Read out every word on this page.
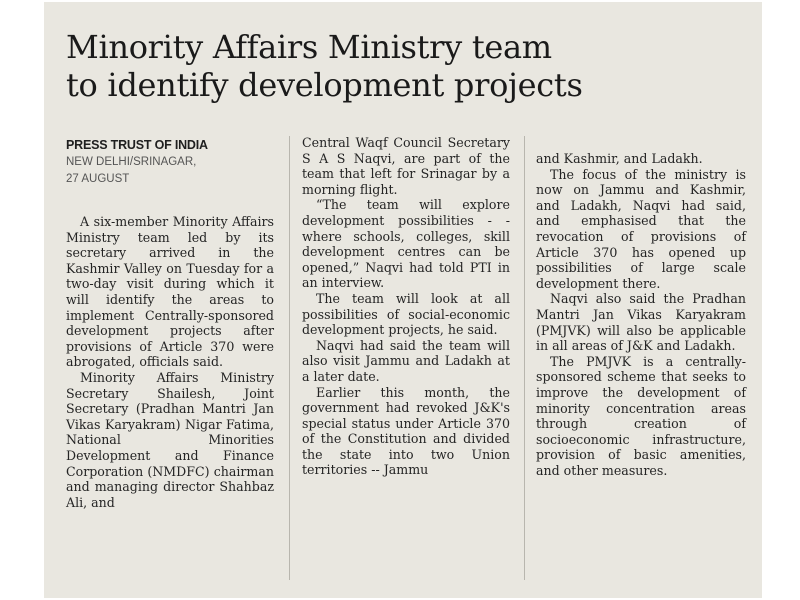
Minority Affairs Ministry team
to identify development projects
PRESS TRUST OF INDIA
NEW DELHI/SRINAGAR,
27 AUGUST

A six-member Minority Affairs Ministry team led by its secretary arrived in the Kashmir Valley on Tuesday for a two-day visit during which it will identify the areas to implement Centrally-sponsored development projects after provisions of Article 370 were abrogated, officials said.

Minority Affairs Ministry Secretary Shailesh, Joint Secretary (Pradhan Mantri Jan Vikas Karyakram) Nigar Fatima, National Minorities Development and Finance Corporation (NMDFC) chairman and managing director Shahbaz Ali, and

Central Waqf Council Secretary S A S Naqvi, are part of the team that left for Srinagar by a morning flight.

“The team will explore development possibilities - - where schools, colleges, skill development centres can be opened,” Naqvi had told PTI in an interview.

The team will look at all possibilities of social-economic development projects, he said.

Naqvi had said the team will also visit Jammu and Ladakh at a later date.

Earlier this month, the government had revoked J&K's special status under Article 370 of the Constitution and divided the state into two Union territories -- Jammu

and Kashmir, and Ladakh.

The focus of the ministry is now on Jammu and Kashmir, and Ladakh, Naqvi had said, and emphasised that the revocation of provisions of Article 370 has opened up possibilities of large scale development there.

Naqvi also said the Pradhan Mantri Jan Vikas Karyakram (PMJVK) will also be applicable in all areas of J&K and Ladakh.

The PMJVK is a centrally-sponsored scheme that seeks to improve the development of minority concentration areas through creation of socioeconomic infrastructure, provision of basic amenities, and other measures.
